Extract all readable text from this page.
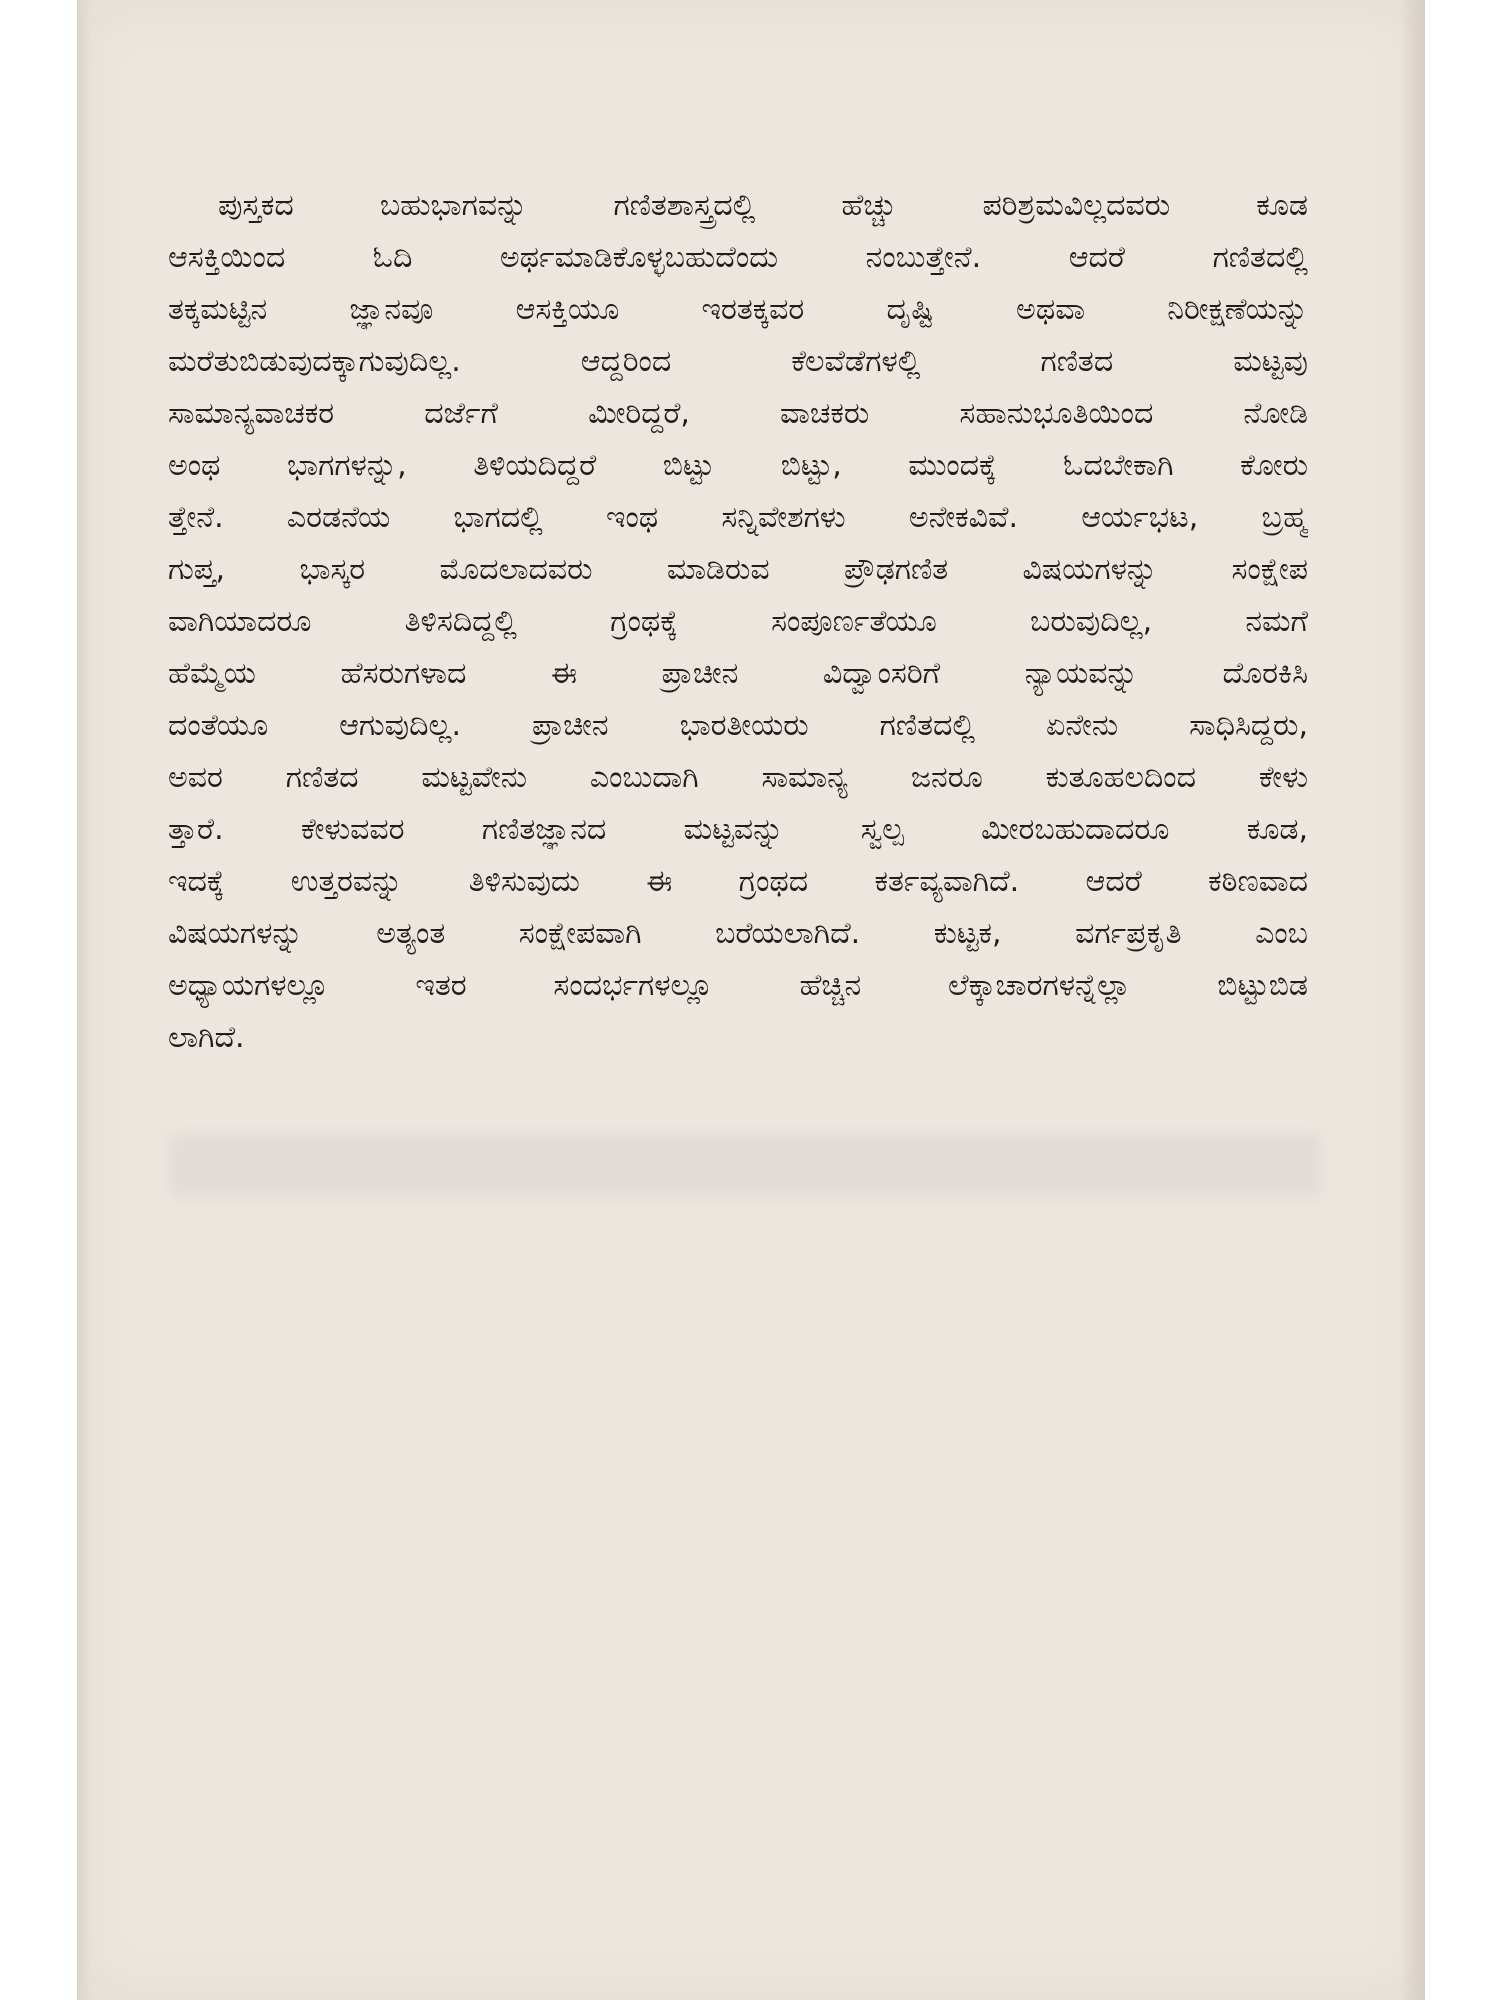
ಪುಸ್ತಕದ ಬಹುಭಾಗವನ್ನು ಗಣಿತಶಾಸ್ತ್ರದಲ್ಲಿ ಹೆಚ್ಚು ಪರಿಶ್ರಮವಿಲ್ಲದವರು ಕೂಡ
ಆಸಕ್ತಿಯಿಂದ ಓದಿ ಅರ್ಥಮಾಡಿಕೊಳ್ಳಬಹುದೆಂದು ನಂಬುತ್ತೇನೆ. ಆದರೆ ಗಣಿತದಲ್ಲಿ
ತಕ್ಕಮಟ್ಟಿನ ಜ್ಞಾನವೂ ಆಸಕ್ತಿಯೂ ಇರತಕ್ಕವರ ದೃಷ್ಟಿ ಅಥವಾ ನಿರೀಕ್ಷಣೆಯನ್ನು
ಮರೆತುಬಿಡುವುದಕ್ಕಾಗುವುದಿಲ್ಲ. ಆದ್ದರಿಂದ ಕೆಲವೆಡೆಗಳಲ್ಲಿ ಗಣಿತದ ಮಟ್ಟವು
ಸಾಮಾನ್ಯವಾಚಕರ ದರ್ಜೆಗೆ ಮೀರಿದ್ದರೆ, ವಾಚಕರು ಸಹಾನುಭೂತಿಯಿಂದ ನೋಡಿ
ಅಂಥ ಭಾಗಗಳನ್ನು, ತಿಳಿಯದಿದ್ದರೆ ಬಿಟ್ಟು ಬಿಟ್ಟು, ಮುಂದಕ್ಕೆ ಓದಬೇಕಾಗಿ ಕೋರು
ತ್ತೇನೆ. ಎರಡನೆಯ ಭಾಗದಲ್ಲಿ ಇಂಥ ಸನ್ನಿವೇಶಗಳು ಅನೇಕವಿವೆ. ಆರ್ಯಭಟ, ಬ್ರಹ್ಮ
ಗುಪ್ತ, ಭಾಸ್ಕರ ಮೊದಲಾದವರು ಮಾಡಿರುವ ಪ್ರೌಢಗಣಿತ ವಿಷಯಗಳನ್ನು ಸಂಕ್ಷೇಪ
ವಾಗಿಯಾದರೂ ತಿಳಿಸದಿದ್ದಲ್ಲಿ ಗ್ರಂಥಕ್ಕೆ ಸಂಪೂರ್ಣತೆಯೂ ಬರುವುದಿಲ್ಲ, ನಮಗೆ
ಹೆಮ್ಮೆಯ ಹೆಸರುಗಳಾದ ಈ ಪ್ರಾಚೀನ ವಿದ್ವಾಂಸರಿಗೆ ನ್ಯಾಯವನ್ನು ದೊರಕಿಸಿ
ದಂತೆಯೂ ಆಗುವುದಿಲ್ಲ. ಪ್ರಾಚೀನ ಭಾರತೀಯರು ಗಣಿತದಲ್ಲಿ ಏನೇನು ಸಾಧಿಸಿದ್ದರು,
ಅವರ ಗಣಿತದ ಮಟ್ಟವೇನು ಎಂಬುದಾಗಿ ಸಾಮಾನ್ಯ ಜನರೂ ಕುತೂಹಲದಿಂದ ಕೇಳು
ತ್ತಾರೆ. ಕೇಳುವವರ ಗಣಿತಜ್ಞಾನದ ಮಟ್ಟವನ್ನು ಸ್ವಲ್ಪ ಮೀರಬಹುದಾದರೂ ಕೂಡ,
ಇದಕ್ಕೆ ಉತ್ತರವನ್ನು ತಿಳಿಸುವುದು ಈ ಗ್ರಂಥದ ಕರ್ತವ್ಯವಾಗಿದೆ. ಆದರೆ ಕಠಿಣವಾದ
ವಿಷಯಗಳನ್ನು ಅತ್ಯಂತ ಸಂಕ್ಷೇಪವಾಗಿ ಬರೆಯಲಾಗಿದೆ. ಕುಟ್ಟಕ, ವರ್ಗಪ್ರಕೃತಿ ಎಂಬ
ಅಧ್ಯಾಯಗಳಲ್ಲೂ ಇತರ ಸಂದರ್ಭಗಳಲ್ಲೂ ಹೆಚ್ಚಿನ ಲೆಕ್ಕಾಚಾರಗಳನ್ನೆಲ್ಲಾ ಬಿಟ್ಟುಬಿಡ
ಲಾಗಿದೆ.
